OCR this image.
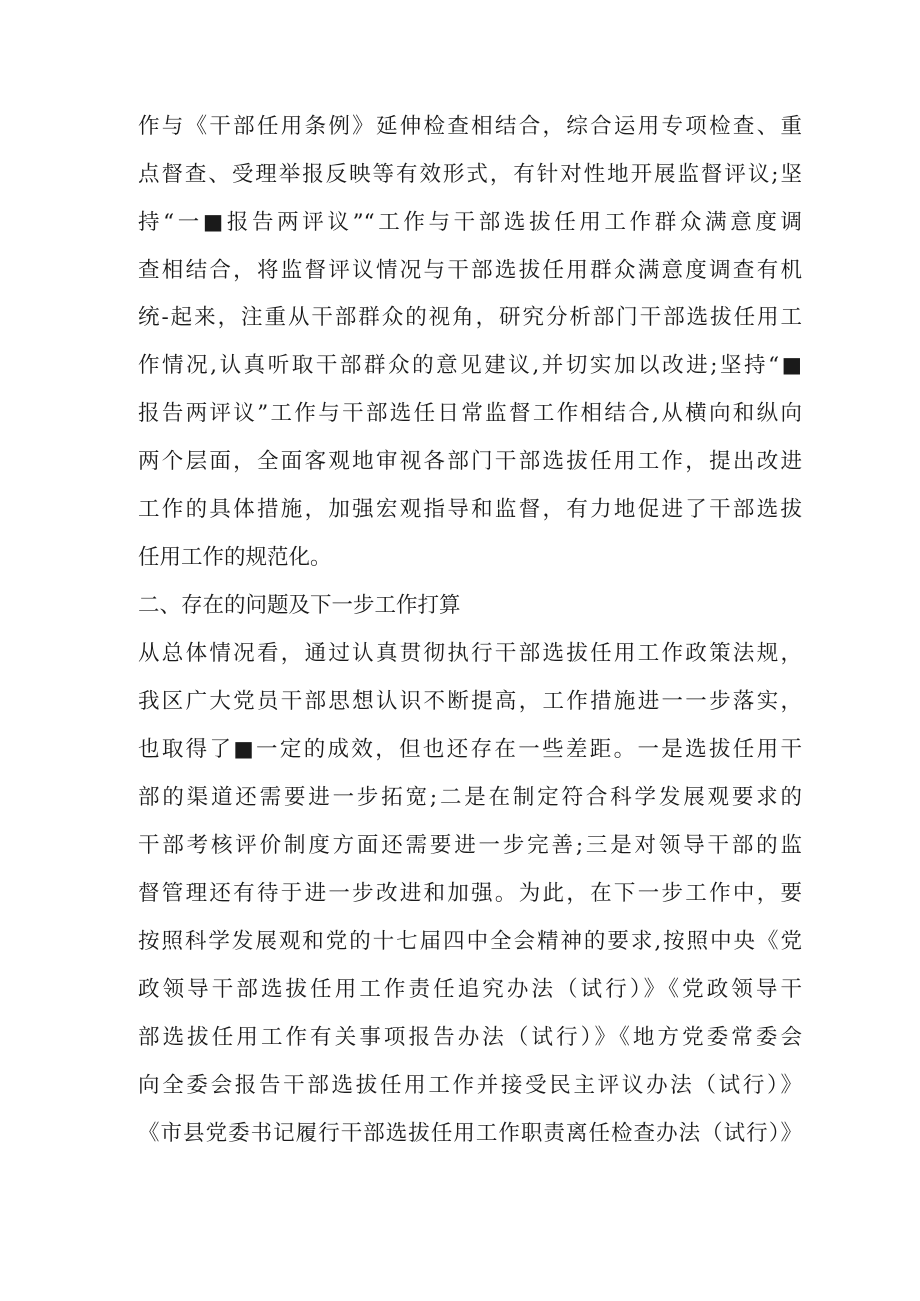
作与《干部任用条例》延伸检查相结合，综合运用专项检查、重
点督查、受理举报反映等有效形式，有针对性地开展监督评议;坚
持“一■报告两评议”“工作与干部选拔任用工作群众满意度调
查相结合，将监督评议情况与干部选拔任用群众满意度调查有机
统-起来，注重从干部群众的视角，研究分析部门干部选拔任用工
作情况,认真听取干部群众的意见建议,并切实加以改进;坚持“■
报告两评议”工作与干部选任日常监督工作相结合,从横向和纵向
两个层面，全面客观地审视各部门干部选拔任用工作，提出改进
工作的具体措施，加强宏观指导和监督，有力地促进了干部选拔
任用工作的规范化。
二、存在的问题及下一步工作打算
从总体情况看，通过认真贯彻执行干部选拔任用工作政策法规，
我区广大党员干部思想认识不断提高，工作措施进一一步落实，
也取得了■一定的成效，但也还存在一些差距。一是选拔任用干
部的渠道还需要进一步拓宽;二是在制定符合科学发展观要求的
干部考核评价制度方面还需要进一步完善;三是对领导干部的监
督管理还有待于进一步改进和加强。为此，在下一步工作中，要
按照科学发展观和党的十七届四中全会精神的要求,按照中央《党
政领导干部选拔任用工作责任追究办法（试行）》《党政领导干
部选拔任用工作有关事项报告办法（试行）》《地方党委常委会
向全委会报告干部选拔任用工作并接受民主评议办法（试行）》
《市县党委书记履行干部选拔任用工作职责离任检查办法（试行）》
